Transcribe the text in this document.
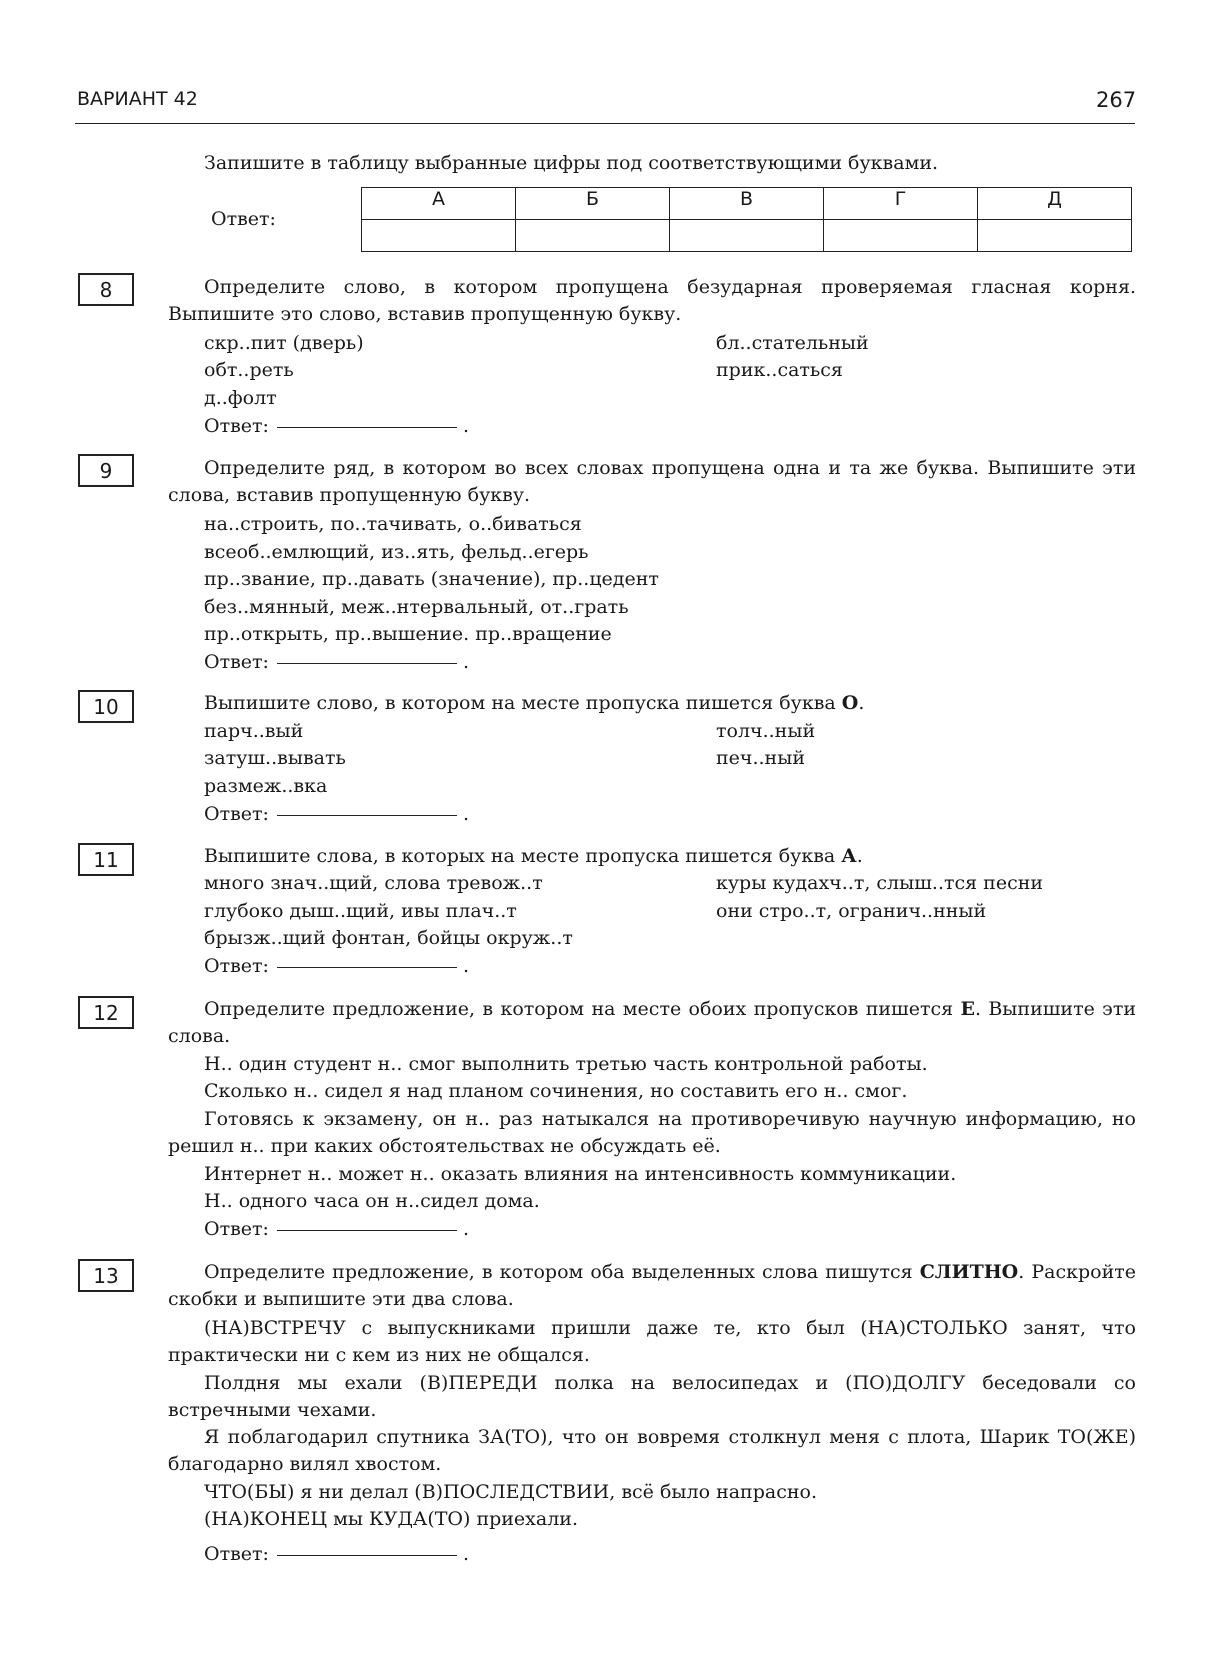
ВАРИАНТ 42	267
Запишите в таблицу выбранные цифры под соответствующими буквами.
Ответ:
А	Б	В	Г	Д

8	Определите слово, в котором пропущена безударная проверяемая гласная корня. Выпишите это слово, вставив пропущенную букву.
скр..пит (дверь)
обт..реть
д..фолт
бл..стательный
прик..саться
Ответ:	.
9	Определите ряд, в котором во всех словах пропущена одна и та же буква. Выпишите эти слова, вставив пропущенную букву.
на..строить, по..тачивать, о..биваться
всеоб..емлющий, из..ять, фельд..егерь
пр..звание, пр..давать (значение), пр..цедент
без..мянный, меж..нтервальный, от..грать
пр..открыть, пр..вышение. пр..вращение
Ответ:	.
10	Выпишите слово, в котором на месте пропуска пишется буква О.
парч..вый
затуш..вывать
размеж..вка
толч..ный
печ..ный
Ответ:	.
11	Выпишите слова, в которых на месте пропуска пишется буква А.
много знач..щий, слова тревож..т
глубоко дыш..щий, ивы плач..т
брызж..щий фонтан, бойцы окруж..т
куры кудахч..т, слыш..тся песни
они стро..т, огранич..нный
Ответ:	.
12	Определите предложение, в котором на месте обоих пропусков пишется Е. Выпишите эти слова.
Н.. один студент н.. смог выполнить третью часть контрольной работы.
Сколько н.. сидел я над планом сочинения, но составить его н.. смог.
Готовясь к экзамену, он н.. раз натыкался на противоречивую научную информацию, но решил н.. при каких обстоятельствах не обсуждать её.
Интернет н.. может н.. оказать влияния на интенсивность коммуникации.
Н.. одного часа он н..сидел дома.
Ответ:	.
13	Определите предложение, в котором оба выделенных слова пишутся СЛИТНО. Раскройте скобки и выпишите эти два слова.
(НА)ВСТРЕЧУ с выпускниками пришли даже те, кто был (НА)СТОЛЬКО занят, что практически ни с кем из них не общался.
Полдня мы ехали (В)ПЕРЕДИ полка на велосипедах и (ПО)ДОЛГУ беседовали со встречными чехами.
Я поблагодарил спутника ЗА(ТО), что он вовремя столкнул меня с плота, Шарик ТО(ЖЕ) благодарно вилял хвостом.
ЧТО(БЫ) я ни делал (В)ПОСЛЕДСТВИИ, всё было напрасно.
(НА)КОНЕЦ мы КУДА(ТО) приехали.
Ответ:	.
